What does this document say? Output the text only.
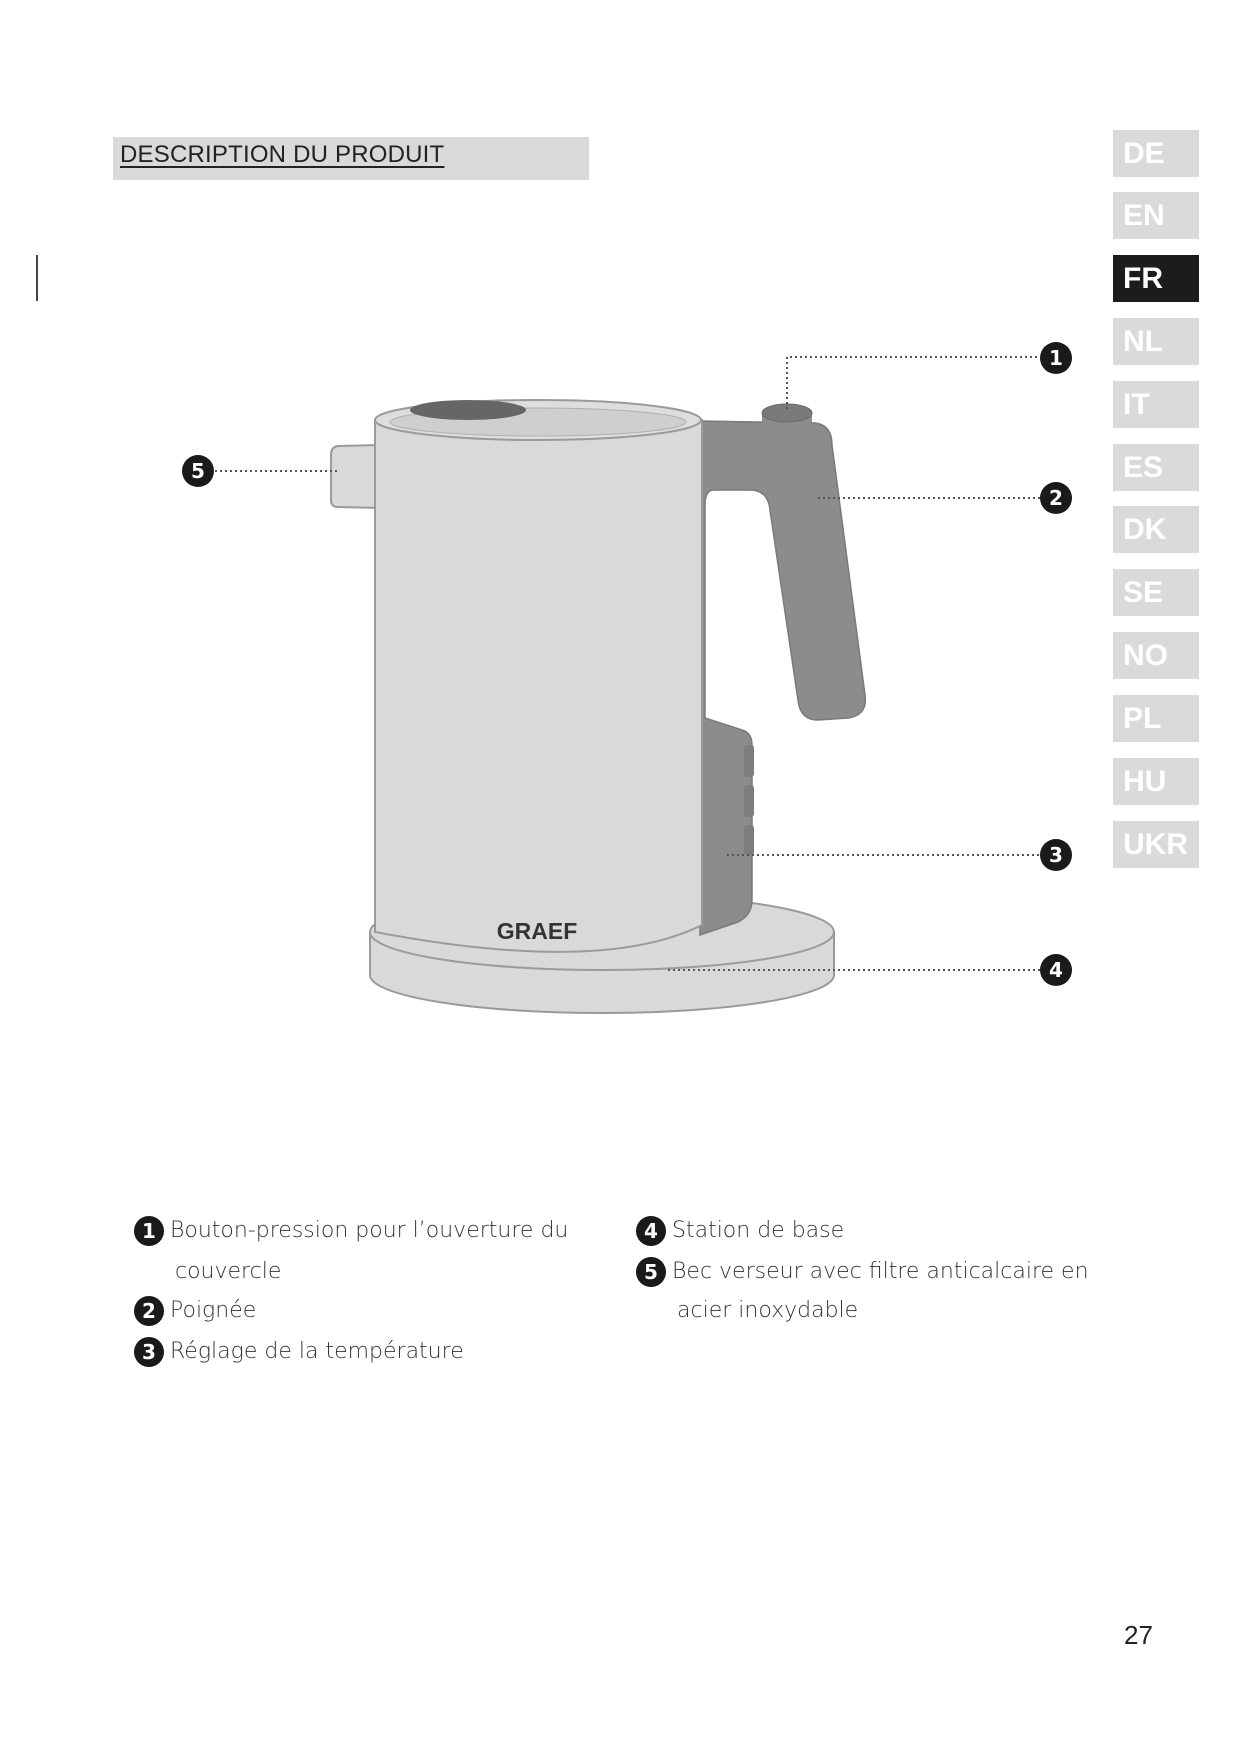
DESCRIPTION DU PRODUIT	DE
EN
FR
NL
IT
ES
DK
SE
NO
PL
HU
UKR
GRAEF
1
2
3
4
5
1 Bouton-pression pour l’ouverture du
couvercle
2 Poignée
3 Réglage de la température
4 Station de base
5 Bec verseur avec filtre anticalcaire en
acier inoxydable
27
